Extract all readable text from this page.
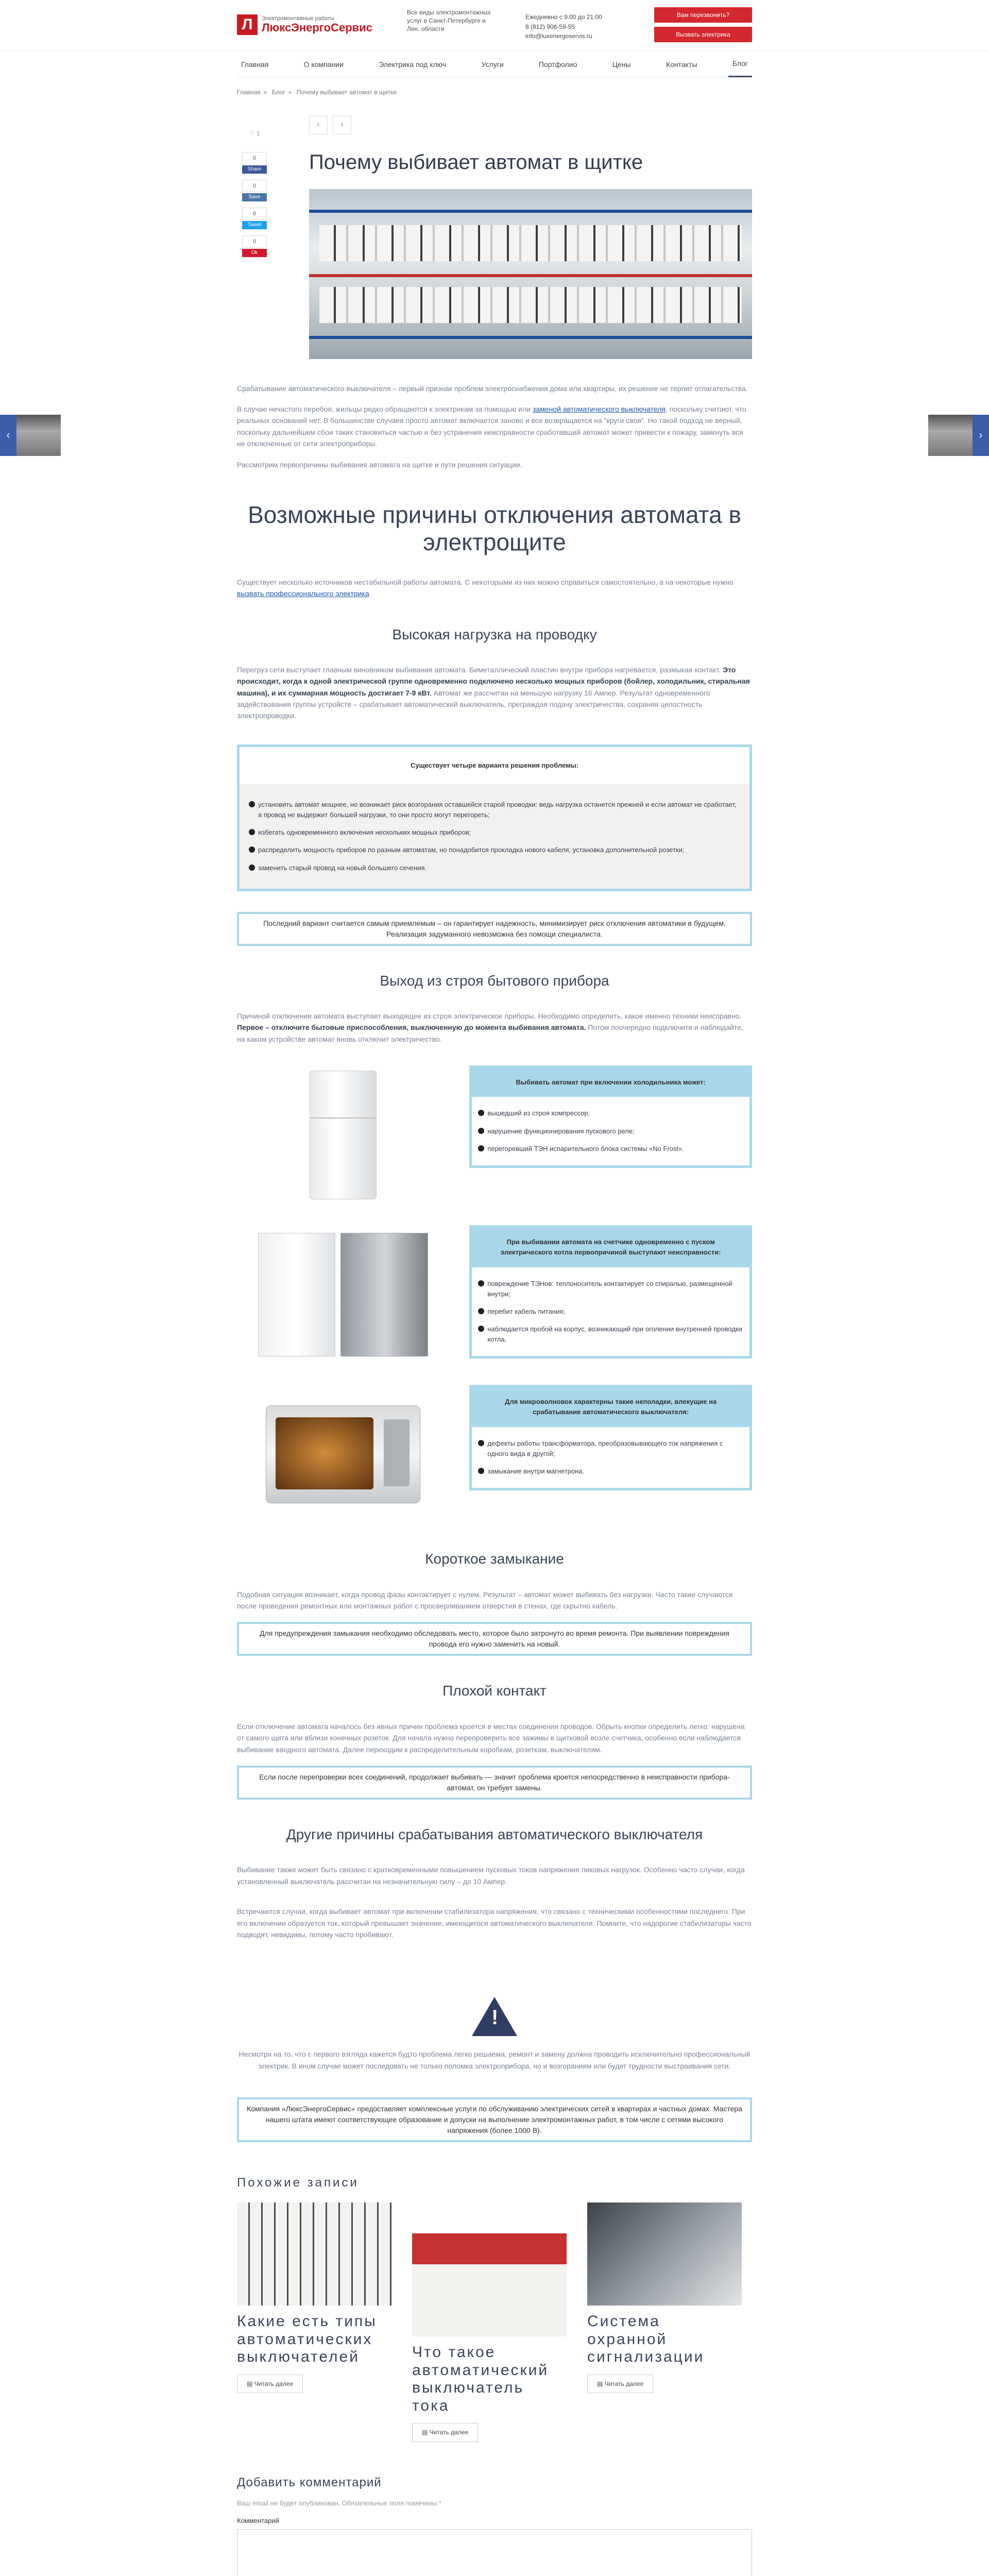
‹	›
Л	Электромонтажные работы
ЛюксЭнергоСервис
Все виды электромонтажных услуг в Санкт-Петербурге и Лен. области
Ежедневно с 9.00 до 21:00
8 (812) 906-59-55
info@luxenergoservis.ru
Вам перезвонить?
Вызвать электрика
Главная	О компании	Электрика под ключ	Услуги	Портфолио	Цены	Контакты	Блог
Главная » Блог » Почему выбивает автомат в щитке
‹	›
♡ 1
0
Share
0
Save
0
Tweet
0
Ok
Почему выбивает автомат в щитке
Срабатывание автоматического выключателя – первый признак проблем электроснабжения дома или квартиры, их решение не терпит отлагательства.
В случае нечастого перебоя, жильцы редко обращаются к электрикам за помощью или заменой автоматического выключателя, поскольку считают, что реальных оснований нет. В большинстве случаев просто автомат включается заново и все возвращается на "круги своя". Но такой подход не верный, поскольку дальнейшем сбои таких становиться частью и без устранения неисправности сработавший автомат может привести к пожару, замкнуть вся не отключенные от сети электроприборы.
Рассмотрим первопричины выбивания автомата на щитке и пути решения ситуации.
Возможные причины отключения автомата в электрощите
Существует несколько источников нестабильной работы автомата. С некоторыми из них можно справиться самостоятельно, а на некоторые нужно вызвать профессионального электрика
Высокая нагрузка на проводку
Перегруз сети выступает главным виновником выбивания автомата. Биметаллический пластин внутри прибора нагревается, размыкая контакт. Это происходит, когда к одной электрической группе одновременно подключено несколько мощных приборов (бойлер, холодильник, стиральная машина), и их суммарная мощность достигает 7-9 кВт. Автомат же рассчитан на меньшую нагрузку 16 Ампер. Результат одновременного задействования группы устройств – срабатывает автоматический выключатель, преграждая подачу электричества, сохраняя целостность электропроводки.
Существует четыре варианта решения проблемы:
установить автомат мощнее, но возникает риск возгорания оставшейся старой проводки: ведь нагрузка останется прежней и если автомат не сработает, а провод не выдержит большей нагрузки, то они просто могут перегореть;
избегать одновременного включения нескольких мощных приборов;
распределить мощность приборов по разным автоматам, но понадобится прокладка нового кабеля, установка дополнительной розетки;
заменить старый провод на новый большего сечения.
Последний вариант считается самым приемлемым – он гарантирует надежность, минимизирует риск отключения автоматики в будущем. Реализация задуманного невозможна без помощи специалиста.
Выход из строя бытового прибора
Причиной отключения автомата выступает выходящее из строя электрическое приборы. Необходимо определить, какое именно техники неисправно. Первое – отключите бытовые приспособления, выключенную до момента выбивания автомата. Потом поочередно подключите и наблюдайте, на каком устройстве автомат вновь отключит электричество.
Выбивать автомат при включении холодильника может:
вышедший из строя компрессор;
нарушение функционирования пускового реле;
перегоревший ТЭН испарительного блока системы «No Frost».
При выбивании автомата на счетчике одновременно с пуском электрического котла первопричиной выступают неисправности:
повреждение ТЭНов: теплоноситель контактирует со спиралью, размещенной внутри;
перебит кабель питания;
наблюдается пробой на корпус, возникающий при оголении внутренней проводки котла.
Для микроволновок характерны такие неполадки, влекущие на срабатывание автоматического выключателя:
дефекты работы трансформатора, преобразовывающего ток напряжения с одного вида в другой;
замыкание внутри магнетрона.
Короткое замыкание
Подобная ситуация возникает, когда провод фазы контактирует с нулем. Результат – автомат может выбивать без нагрузки. Часто такие случаются после проведения ремонтных или монтажных работ с просверливанием отверстия в стенах, где скрытно кабель.
Для предупреждения замыкания необходимо обследовать место, которое было затронуто во время ремонта. При выявлении повреждения провода его нужно заменить на новый.
Плохой контакт
Если отключение автомата началось без явных причин проблема кроется в местах соединения проводов. Обрыть кнопки определить легко: нарушена от самого щита или вблизи конечных розеток. Для начала нужно перепроверить все зажимы в щитковой возле счетчика, особенно если наблюдается выбивание вводного автомата. Далее переходим к распределительным коробкам, розеткам, выключателям.
Если после перепроверки всех соединений, продолжает выбивать — значит проблема кроется непосредственно в неисправности прибора-автомат, он требует замены.
Другие причины срабатывания автоматического выключателя
Выбивание также может быть связано с кратковременными повышением пусковых токов напряжения пиковых нагрузок. Особенно часто случаи, когда установленный выключатель рассчитан на незначительную силу – до 10 Ампер.
Встречаются случаи, когда выбивает автомат при включении стабилизатора напряжения, что связано с техническими особенностями последнего. При его включении образуется ток, который превышает значение, имеющегося автоматического выключателя. Помните, что надорогие стабилизаторы часто подводят, невидимы, потому часто пробивают.
!
Несмотря на то, что с первого взгляда кажется будто проблема легко решаема, ремонт и замену должна проводить исключительно профессиональный электрик. В ином случае может последовать не только поломка электроприбора, но и возгораниям или будет трудности выстраивания сети.
Компания «ЛюксЭнергоСервис» предоставляет комплексные услуги по обслуживанию электрических сетей в квартирах и частных домах. Мастера нашего штата имеют соответствующее образование и допуски на выполнение электромонтажных работ, в том числе с сетями высокого напряжения (более 1000 В).
Похожие записи
Какие есть типы автоматических выключателей
▤ Читать далее
Что такое автоматический выключатель тока
▤ Читать далее
Система охранной сигнализации
▤ Читать далее
Добавить комментарий
Ваш email не будет опубликован. Обязательные поля помечены *
Комментарий
